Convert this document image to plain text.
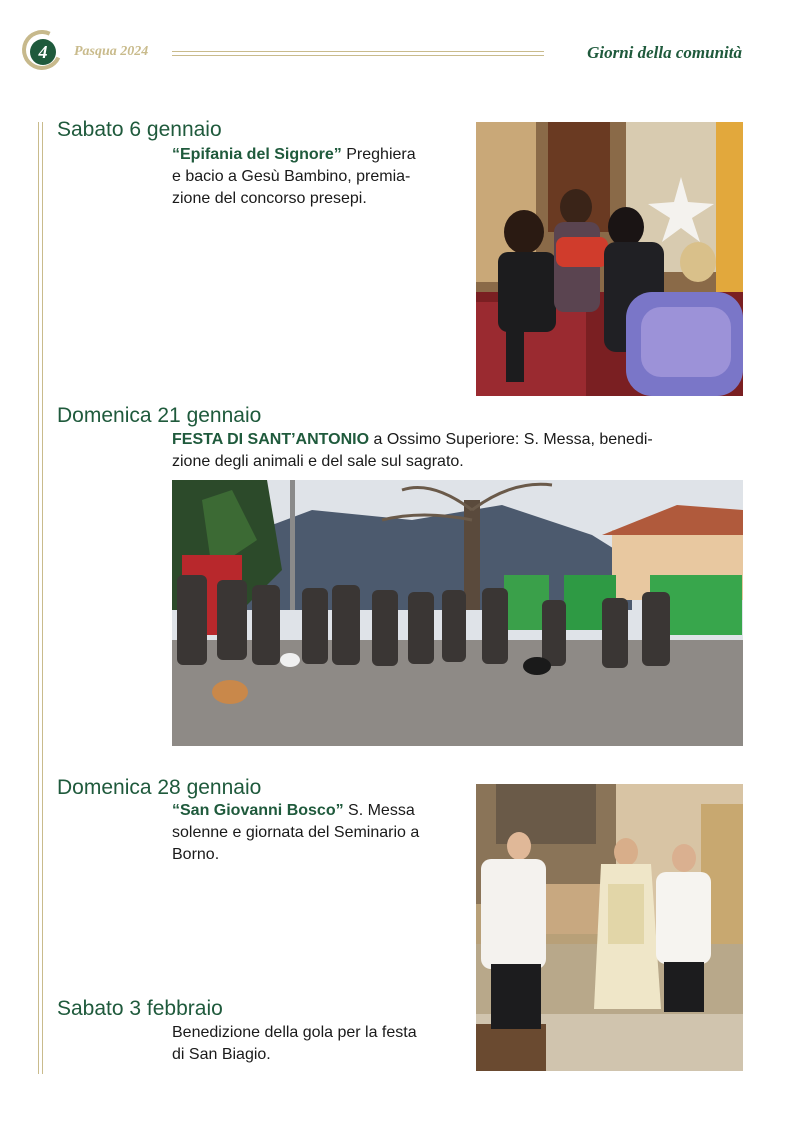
4	Pasqua 2024	Giorni della comunità
Sabato 6 gennaio
“Epifania del Signore” Preghiera
e bacio a Gesù Bambino, premia-
zione del concorso presepi.
Domenica 21 gennaio
FESTA DI SANT’ANTONIO a Ossimo Superiore: S. Messa, benedi-
zione degli animali e del sale sul sagrato.
Domenica 28 gennaio
“San Giovanni Bosco” S. Messa
solenne e giornata del Seminario a
Borno.
Sabato 3 febbraio
Benedizione della gola per la festa
di San Biagio.
